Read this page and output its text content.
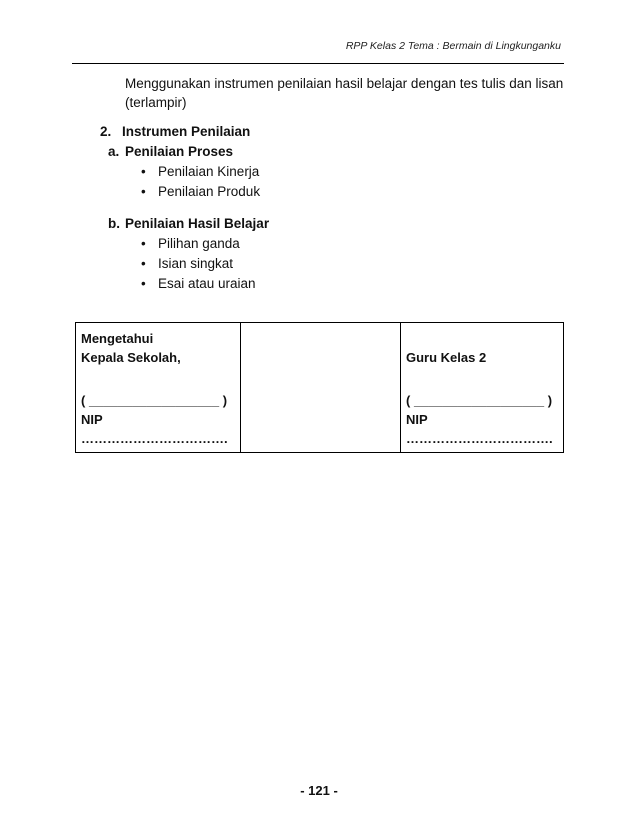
RPP Kelas 2 Tema : Bermain di Lingkunganku
Menggunakan instrumen penilaian hasil belajar dengan tes tulis dan lisan
(terlampir)
2. Instrumen Penilaian
a. Penilaian Proses
• Penilaian Kinerja
• Penilaian Produk
b. Penilaian Hasil Belajar
• Pilihan ganda
• Isian singkat
• Esai atau uraian
Mengetahui
Kepala Sekolah,
( __________________ )
NIP …………………………….

Guru Kelas 2
( __________________ )
NIP …………………………….
- 121 -
